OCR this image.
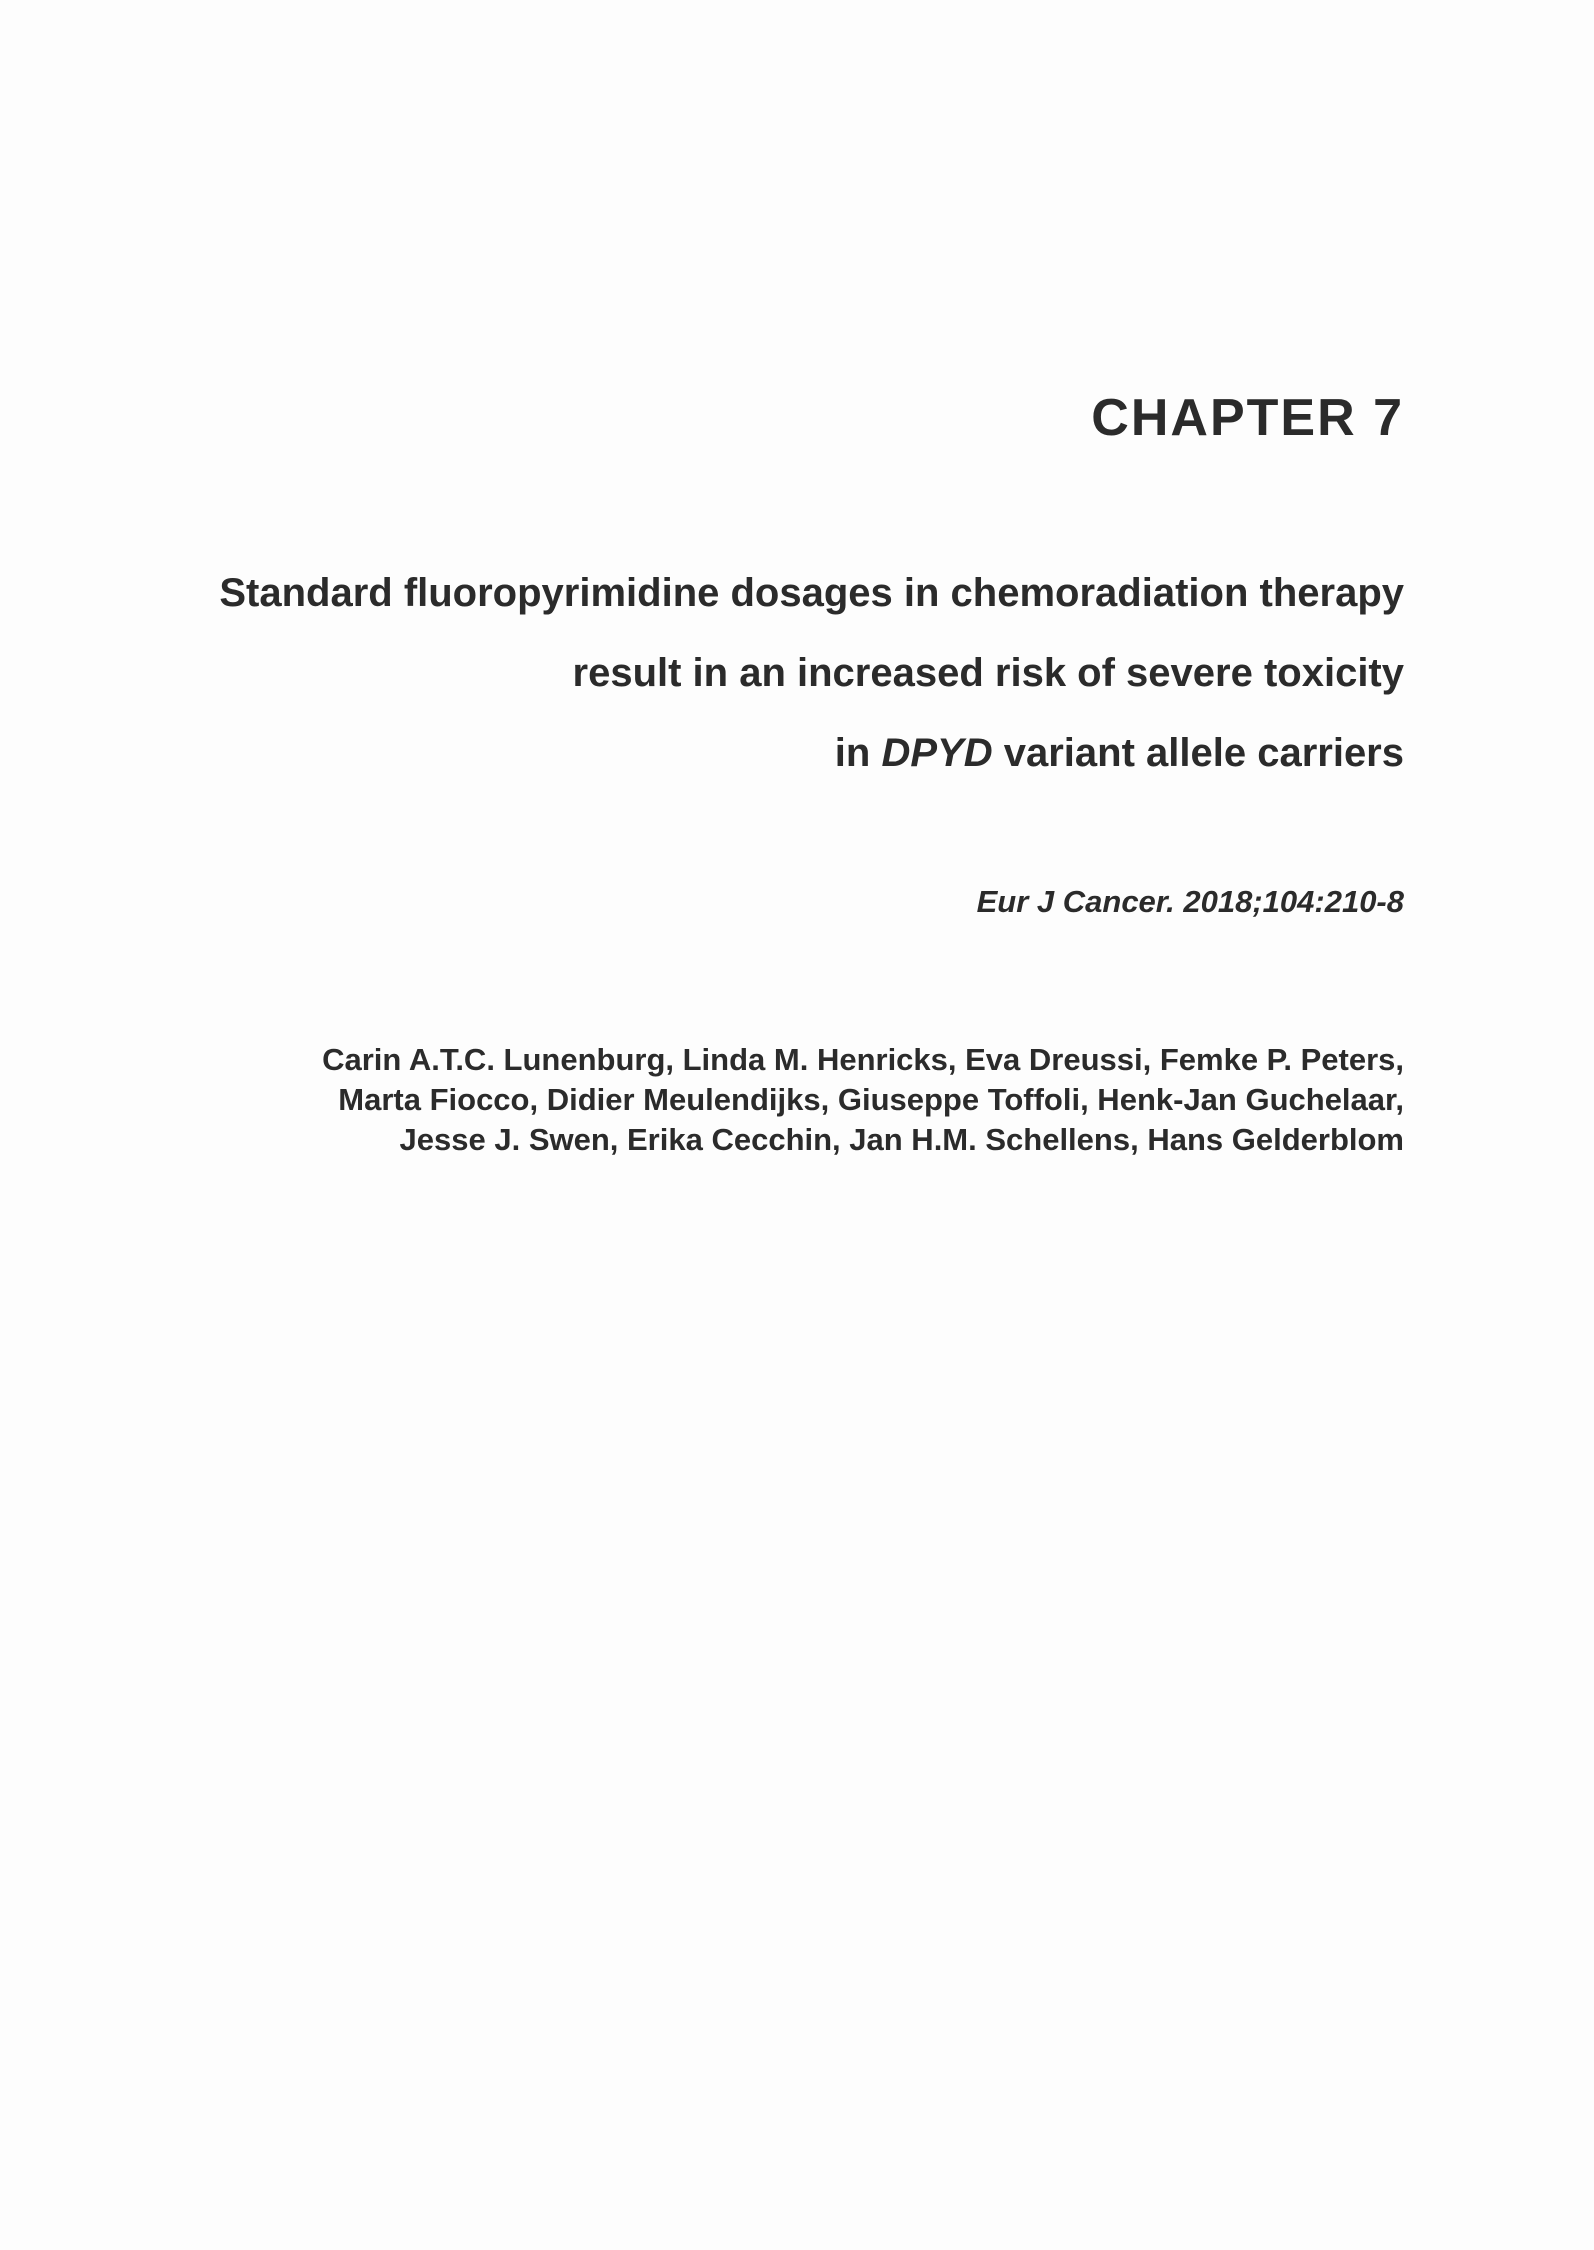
CHAPTER 7
Standard fluoropyrimidine dosages in chemoradiation therapy
result in an increased risk of severe toxicity
in DPYD variant allele carriers
Eur J Cancer. 2018;104:210-8
Carin A.T.C. Lunenburg, Linda M. Henricks, Eva Dreussi, Femke P. Peters,
Marta Fiocco, Didier Meulendijks, Giuseppe Toffoli, Henk-Jan Guchelaar,
Jesse J. Swen, Erika Cecchin, Jan H.M. Schellens, Hans Gelderblom
